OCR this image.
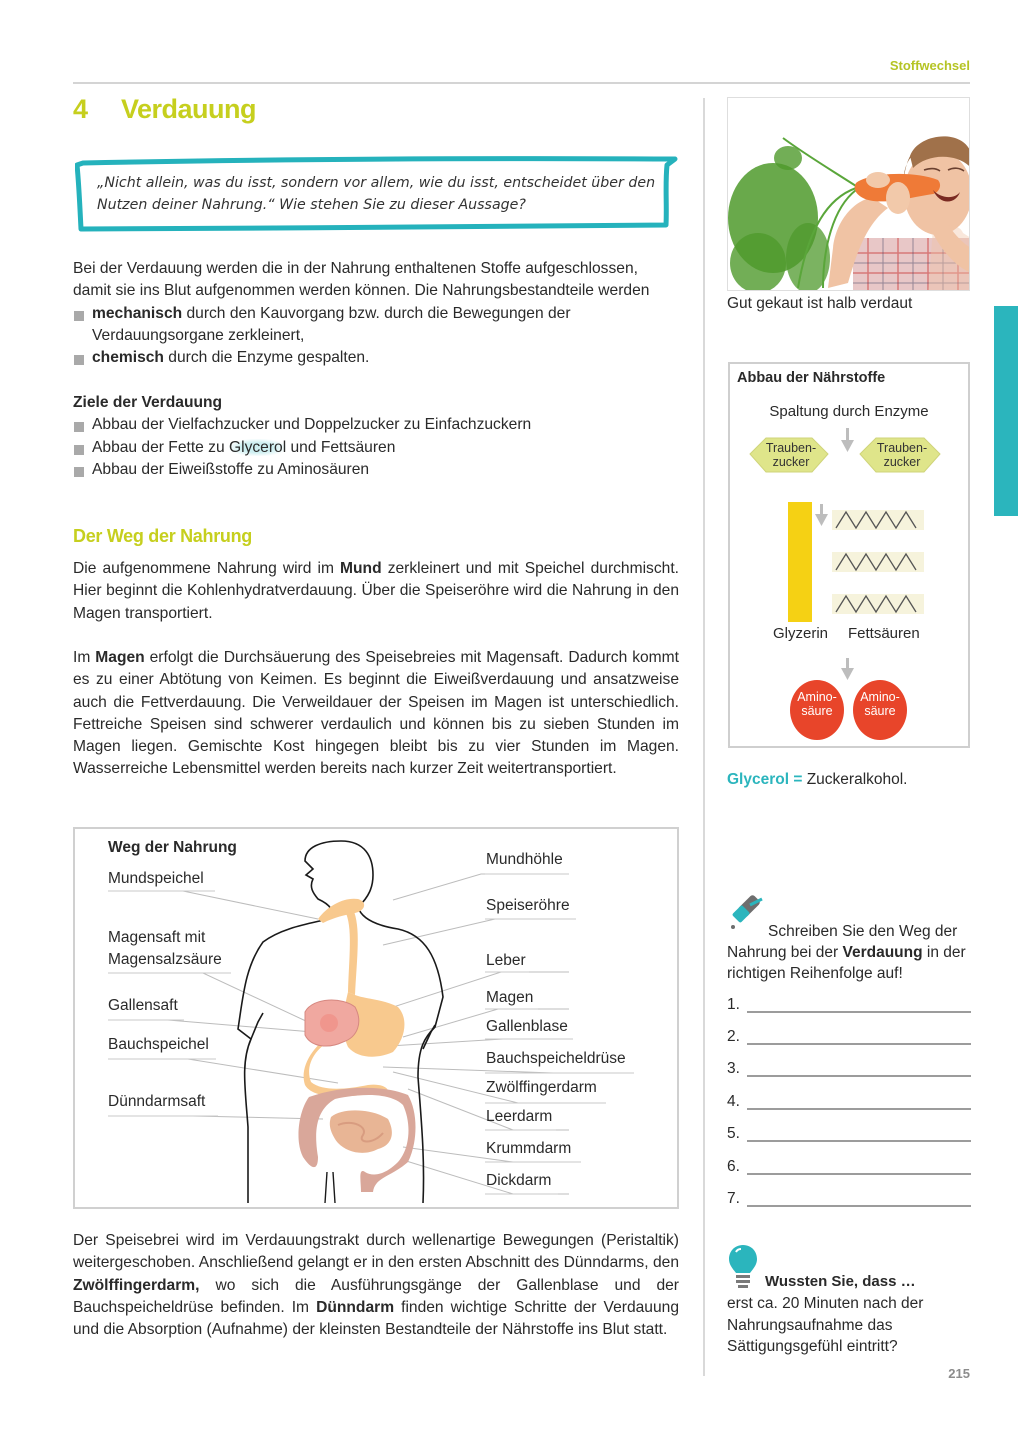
Stoffwechsel
4 Verdauung
„Nicht allein, was du isst, sondern vor allem, wie du isst, entscheidet über den Nutzen deiner Nahrung.“ Wie stehen Sie zu dieser Aussage?

Bei der Verdauung werden die in der Nahrung enthaltenen Stoffe aufgeschlossen, damit sie ins Blut aufgenommen werden können. Die Nahrungsbestandteile werden

mechanisch durch den Kauvorgang bzw. durch die Bewegungen der Verdauungsorgane zerkleinert,
chemisch durch die Enzyme gespalten.

Ziele der Verdauung

Abbau der Vielfachzucker und Doppelzucker zu Einfachzuckern
Abbau der Fette zu Glycerol und Fettsäuren
Abbau der Eiweißstoffe zu Aminosäuren
Der Weg der Nahrung

Die aufgenommene Nahrung wird im Mund zerkleinert und mit Speichel durchmischt. Hier beginnt die Kohlenhydratverdauung. Über die Speiseröhre wird die Nahrung in den Magen transportiert.

Im Magen erfolgt die Durchsäuerung des Speisebreies mit Magensaft. Dadurch kommt es zu einer Abtötung von Keimen. Es beginnt die Eiweißverdauung und ansatzweise auch die Fettverdauung. Die Verweildauer der Speisen im Magen ist unterschiedlich. Fettreiche Speisen sind schwerer verdaulich und können bis zu sieben Stunden im Magen liegen. Gemischte Kost hingegen bleibt bis zu vier Stunden im Magen. Wasserreiche Lebensmittel werden bereits nach kurzer Zeit weitertransportiert.

Weg der Nahrung
Mundspeichel
Magensaft mit
Magensalzsäure
Gallensaft
Bauchspeichel
Dünndarmsaft
Mundhöhle
Speiseröhre
Leber
Magen
Gallenblase
Bauchspeicheldrüse
Zwölffingerdarm
Leerdarm
Krummdarm
Dickdarm

Der Speisebrei wird im Verdauungstrakt durch wellenartige Bewegungen (Peristaltik) weitergeschoben. Anschließend gelangt er in den ersten Abschnitt des Dünndarms, den Zwölffingerdarm, wo sich die Ausführungsgänge der Gallenblase und der Bauchspeicheldrüse befinden. Im Dünndarm finden wichtige Schritte der Verdauung und die Absorption (Aufnahme) der kleinsten Bestandteile der Nährstoffe ins Blut statt.

Gut gekaut ist halb verdaut
Abbau der Nährstoffe
Spaltung durch Enzyme
Trauben-
zucker
Trauben-
zucker
Glyzerin Fettsäuren
Amino-
säure
Amino-
säure
Glycerol = Zuckeralkohol.
Schreiben Sie den Weg der Nahrung bei der Verdauung in der richtigen Reihenfolge auf!
1.
2.
3.
4.
5.
6.
7.
Wussten Sie, dass …
erst ca. 20 Minuten nach der Nahrungsaufnahme das Sättigungsgefühl eintritt?
215
